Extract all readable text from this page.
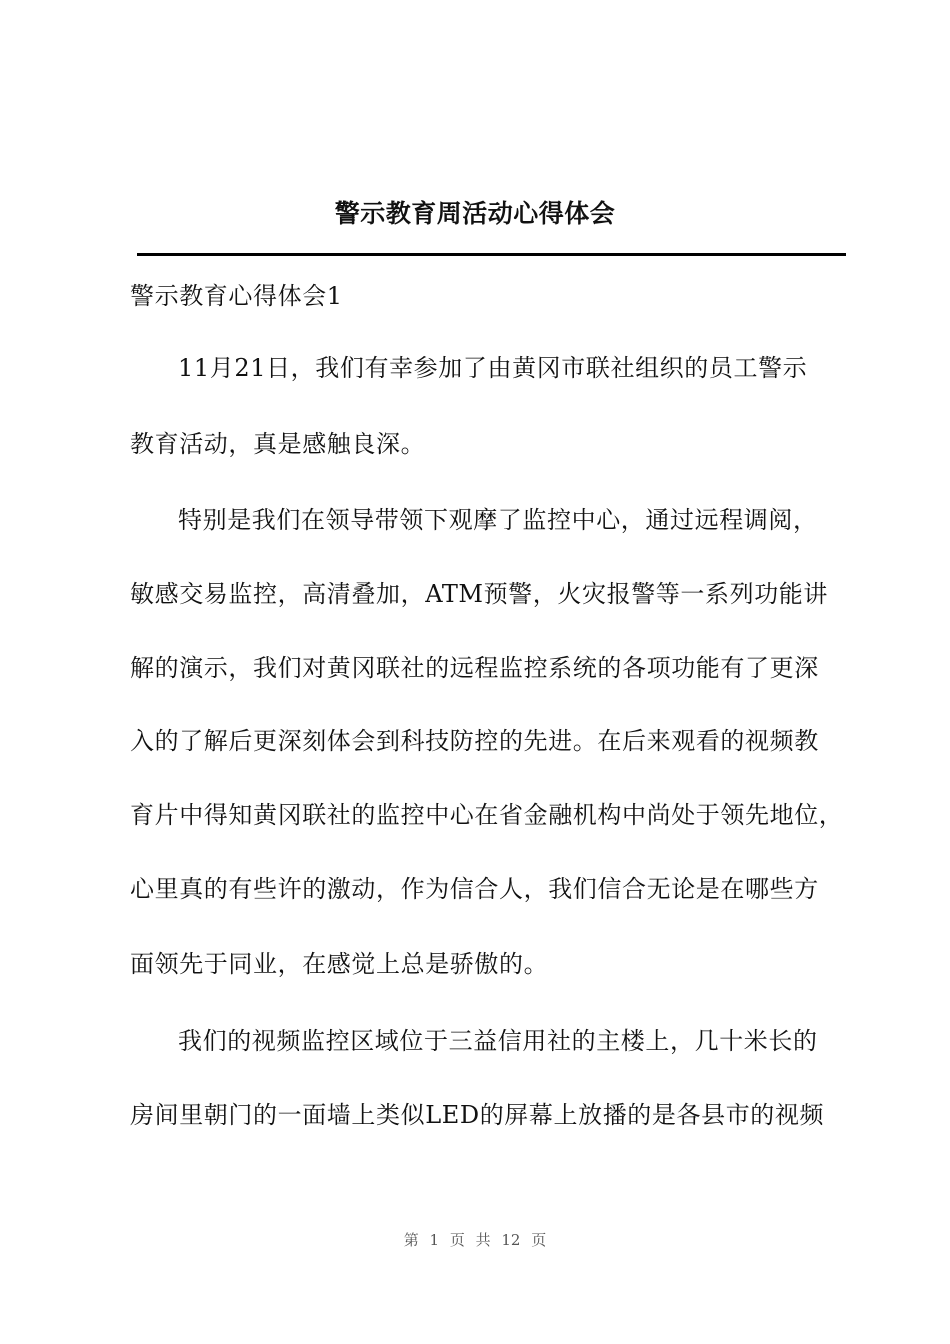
警示教育周活动心得体会
警示教育心得体会1
11月21日，我们有幸参加了由黄冈市联社组织的员工警示
教育活动，真是感触良深。
特别是我们在领导带领下观摩了监控中心，通过远程调阅，
敏感交易监控，高清叠加，ATM预警，火灾报警等一系列功能讲
解的演示，我们对黄冈联社的远程监控系统的各项功能有了更深
入的了解后更深刻体会到科技防控的先进。在后来观看的视频教
育片中得知黄冈联社的监控中心在省金融机构中尚处于领先地位，
心里真的有些许的激动，作为信合人，我们信合无论是在哪些方
面领先于同业，在感觉上总是骄傲的。
我们的视频监控区域位于三益信用社的主楼上，几十米长的
房间里朝门的一面墙上类似LED的屏幕上放播的是各县市的视频
第 1 页 共 12 页
